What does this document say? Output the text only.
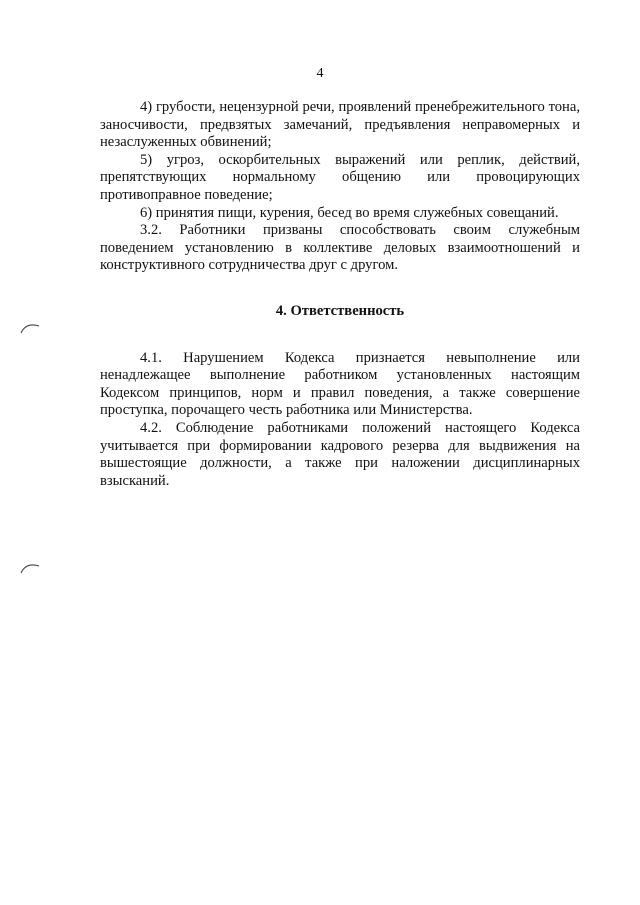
4

4) грубости, нецензурной речи, проявлений пренебрежительного тона, заносчивости, предвзятых замечаний, предъявления неправомерных и незаслуженных обвинений;

5) угроз, оскорбительных выражений или реплик, действий, препятствующих нормальному общению или провоцирующих противоправное поведение;

6) принятия пищи, курения, бесед во время служебных совещаний.

3.2. Работники призваны способствовать своим служебным поведением установлению в коллективе деловых взаимоотношений и конструктивного сотрудничества друг с другом.

4. Ответственность

4.1. Нарушением Кодекса признается невыполнение или ненадлежащее выполнение работником установленных настоящим Кодексом принципов, норм и правил поведения, а также совершение проступка, порочащего честь работника или Министерства.

4.2. Соблюдение работниками положений настоящего Кодекса учитывается при формировании кадрового резерва для выдвижения на вышестоящие должности, а также при наложении дисциплинарных взысканий.
